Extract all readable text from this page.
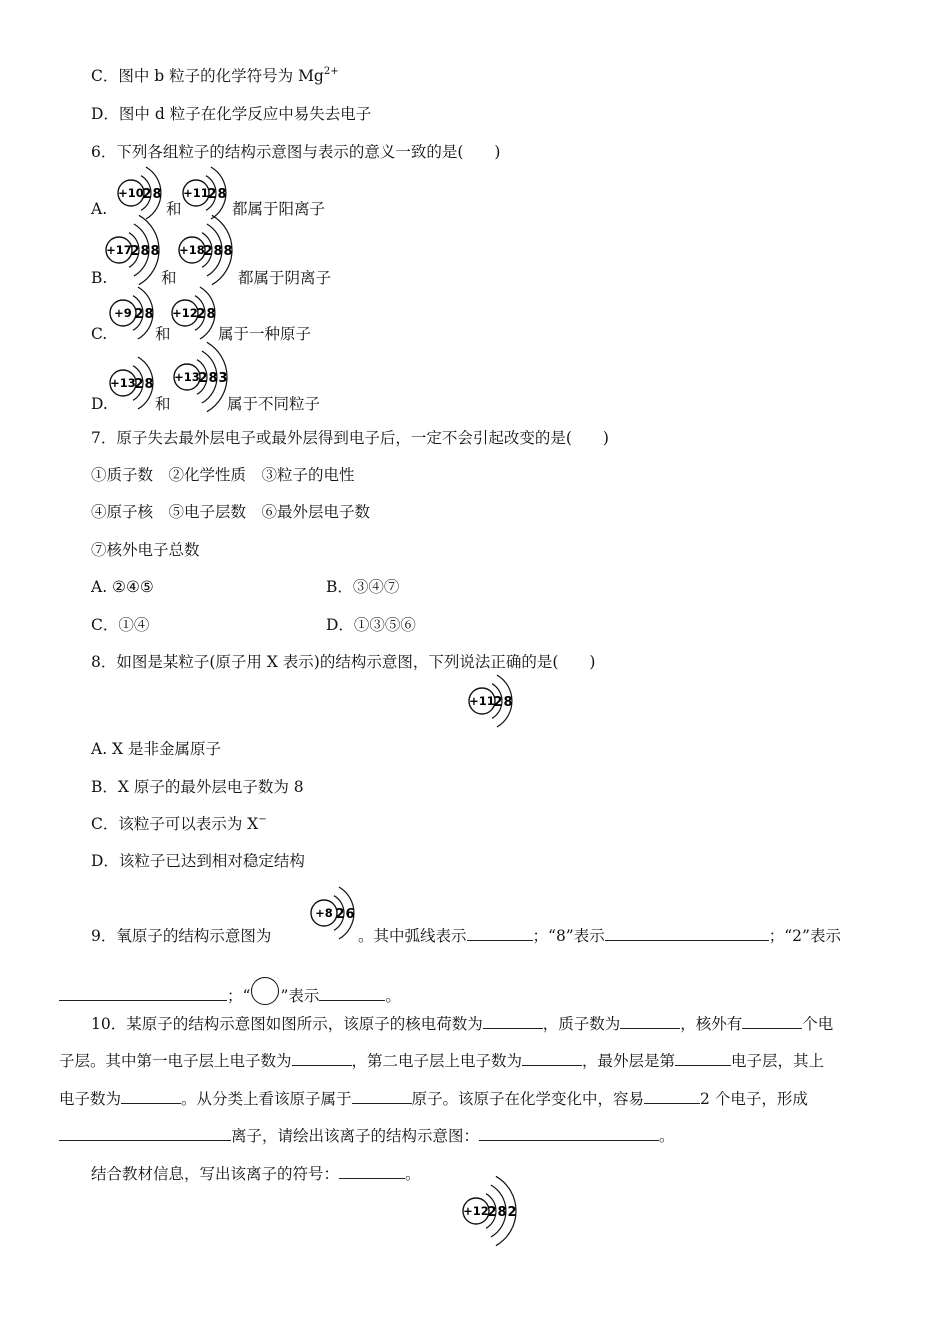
C．图中 b 粒子的化学符号为 $Mg^{2+}$
D．图中 d 粒子在化学反应中易失去电子
6．下列各组粒子的结构示意图与表示的意义一致的是(　　)
A.
+10
2 8
和
+11
2 8
都属于阳离子
B.
+17
2 8 8
和
+18
2 8 8
都属于阴离子
C.
+9 2 8
和
+12
2 8
属于一种原子
D.
+13
2 8
和
+13
2 8 3
属于不同粒子
7．原子失去最外层电子或最外层得到电子后，一定不会引起改变的是(　　)
①质子数　②化学性质　③粒子的电性
④原子核　⑤电子层数　⑥最外层电子数
⑦核外电子总数
A. ②④⑤	B．③④⑦
C．①④	D．①③⑤⑥
8．如图是某粒子(原子用 X 表示)的结构示意图，下列说法正确的是(　　)
+11
2 8
A. X 是非金属原子
B．X 原子的最外层电子数为 8
C．该粒子可以表示为 X−
D．该粒子已达到相对稳定结构
9．氧原子的结构示意图为
+8 2 6
。其中弧线表示	；“8”表示	；“2”表示
；“ ”表示	。
10．某原子的结构示意图如图所示，该原子的核电荷数为	，质子数为	，核外有	个电
子层。其中第一电子层上电子数为	，第二电子层上电子数为	，最外层是第	电子层，其上
电子数为	。从分类上看该原子属于	原子。该原子在化学变化中，容易	2 个电子，形成
离子，请绘出该离子的结构示意图：	。
结合教材信息，写出该离子的符号：	。
+12
2 8 2
